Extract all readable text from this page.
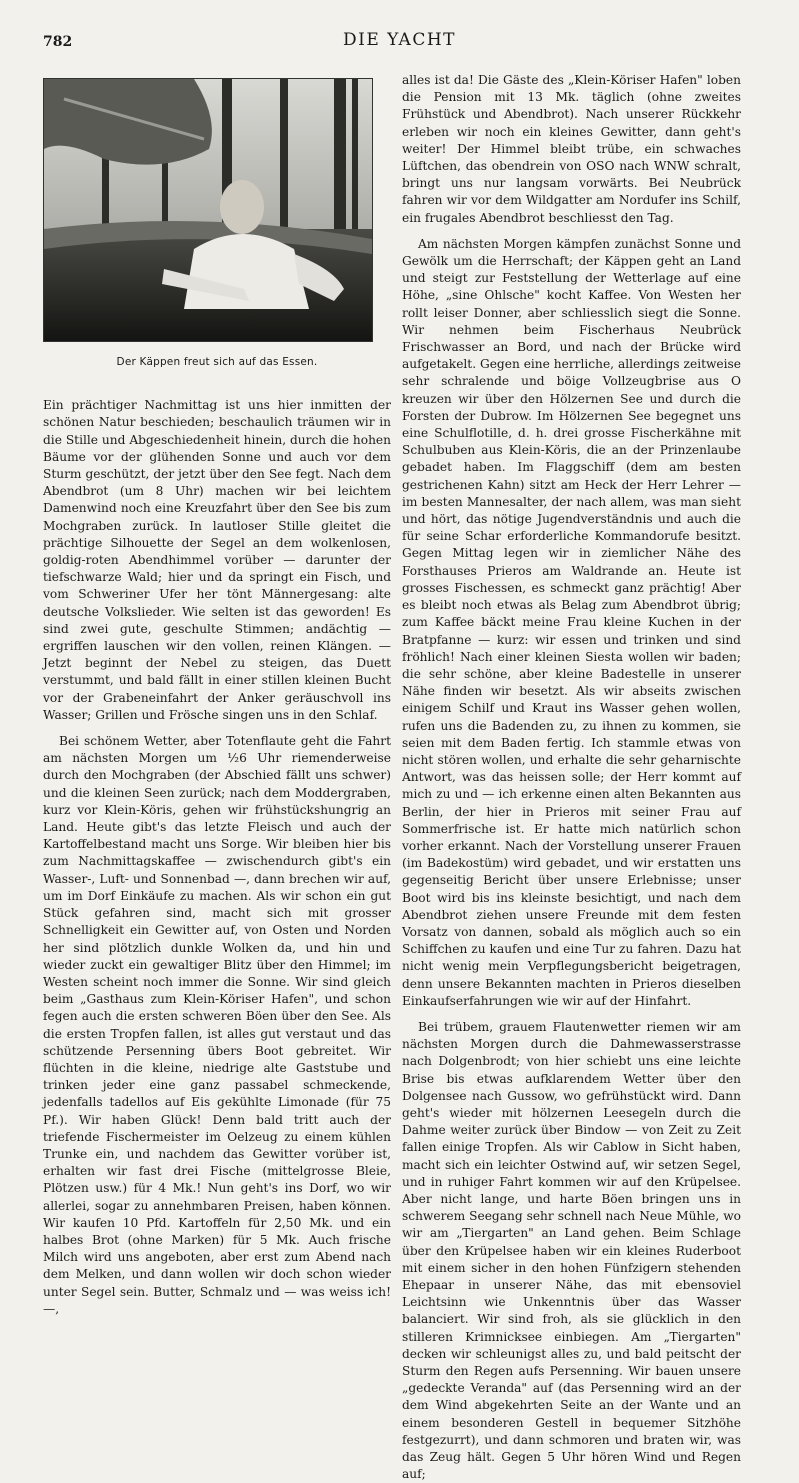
782	DIE YACHT
Der Käppen freut sich auf das Essen.

Ein prächtiger Nachmittag ist uns hier inmitten der schönen Natur beschieden; beschaulich träumen wir in die Stille und Abgeschiedenheit hinein, durch die hohen Bäume vor der glühenden Sonne und auch vor dem Sturm geschützt, der jetzt über den See fegt. Nach dem Abendbrot (um 8 Uhr) machen wir bei leichtem Damenwind noch eine Kreuzfahrt über den See bis zum Mochgraben zurück. In lautloser Stille gleitet die prächtige Silhouette der Segel an dem wolkenlosen, goldig-roten Abendhimmel vorüber — darunter der tiefschwarze Wald; hier und da springt ein Fisch, und vom Schweriner Ufer her tönt Männergesang: alte deutsche Volkslieder. Wie selten ist das geworden! Es sind zwei gute, geschulte Stimmen; andächtig — ergriffen lauschen wir den vollen, reinen Klängen. — Jetzt beginnt der Nebel zu steigen, das Duett verstummt, und bald fällt in einer stillen kleinen Bucht vor der Grabeneinfahrt der Anker geräuschvoll ins Wasser; Grillen und Frösche singen uns in den Schlaf.

Bei schönem Wetter, aber Totenflaute geht die Fahrt am nächsten Morgen um ½6 Uhr riemenderweise durch den Mochgraben (der Abschied fällt uns schwer) und die kleinen Seen zurück; nach dem Moddergraben, kurz vor Klein-Köris, gehen wir frühstückshungrig an Land. Heute gibt's das letzte Fleisch und auch der Kartoffelbestand macht uns Sorge. Wir bleiben hier bis zum Nachmittagskaffee — zwischendurch gibt's ein Wasser-, Luft- und Sonnenbad —, dann brechen wir auf, um im Dorf Einkäufe zu machen. Als wir schon ein gut Stück gefahren sind, macht sich mit grosser Schnelligkeit ein Gewitter auf, von Osten und Norden her sind plötzlich dunkle Wolken da, und hin und wieder zuckt ein gewaltiger Blitz über den Himmel; im Westen scheint noch immer die Sonne. Wir sind gleich beim „Gasthaus zum Klein-Köriser Hafen", und schon fegen auch die ersten schweren Böen über den See. Als die ersten Tropfen fallen, ist alles gut verstaut und das schützende Persenning übers Boot gebreitet. Wir flüchten in die kleine, niedrige alte Gaststube und trinken jeder eine ganz passabel schmeckende, jedenfalls tadellos auf Eis gekühlte Limonade (für 75 Pf.). Wir haben Glück! Denn bald tritt auch der triefende Fischermeister im Oelzeug zu einem kühlen Trunke ein, und nachdem das Gewitter vorüber ist, erhalten wir fast drei Fische (mittelgrosse Bleie, Plötzen usw.) für 4 Mk.! Nun geht's ins Dorf, wo wir allerlei, sogar zu annehmbaren Preisen, haben können. Wir kaufen 10 Pfd. Kartoffeln für 2,50 Mk. und ein halbes Brot (ohne Marken) für 5 Mk. Auch frische Milch wird uns angeboten, aber erst zum Abend nach dem Melken, und dann wollen wir doch schon wieder unter Segel sein. Butter, Schmalz und — was weiss ich! —,

alles ist da! Die Gäste des „Klein-Köriser Hafen" loben die Pension mit 13 Mk. täglich (ohne zweites Frühstück und Abendbrot). Nach unserer Rückkehr erleben wir noch ein kleines Gewitter, dann geht's weiter! Der Himmel bleibt trübe, ein schwaches Lüftchen, das obendrein von OSO nach WNW schralt, bringt uns nur langsam vorwärts. Bei Neubrück fahren wir vor dem Wildgatter am Nordufer ins Schilf, ein frugales Abendbrot beschliesst den Tag.

Am nächsten Morgen kämpfen zunächst Sonne und Gewölk um die Herrschaft; der Käppen geht an Land und steigt zur Feststellung der Wetterlage auf eine Höhe, „sine Ohlsche" kocht Kaffee. Von Westen her rollt leiser Donner, aber schliesslich siegt die Sonne. Wir nehmen beim Fischerhaus Neubrück Frischwasser an Bord, und nach der Brücke wird aufgetakelt. Gegen eine herrliche, allerdings zeitweise sehr schralende und böige Vollzeugbrise aus O kreuzen wir über den Hölzernen See und durch die Forsten der Dubrow. Im Hölzernen See begegnet uns eine Schulflotille, d. h. drei grosse Fischerkähne mit Schulbuben aus Klein-Köris, die an der Prinzenlaube gebadet haben. Im Flaggschiff (dem am besten gestrichenen Kahn) sitzt am Heck der Herr Lehrer — im besten Mannesalter, der nach allem, was man sieht und hört, das nötige Jugendverständnis und auch die für seine Schar erforderliche Kommandorufe besitzt. Gegen Mittag legen wir in ziemlicher Nähe des Forsthauses Prieros am Waldrande an. Heute ist grosses Fischessen, es schmeckt ganz prächtig! Aber es bleibt noch etwas als Belag zum Abendbrot übrig; zum Kaffee bäckt meine Frau kleine Kuchen in der Bratpfanne — kurz: wir essen und trinken und sind fröhlich! Nach einer kleinen Siesta wollen wir baden; die sehr schöne, aber kleine Badestelle in unserer Nähe finden wir besetzt. Als wir abseits zwischen einigem Schilf und Kraut ins Wasser gehen wollen, rufen uns die Badenden zu, zu ihnen zu kommen, sie seien mit dem Baden fertig. Ich stammle etwas von nicht stören wollen, und erhalte die sehr geharnischte Antwort, was das heissen solle; der Herr kommt auf mich zu und — ich erkenne einen alten Bekannten aus Berlin, der hier in Prieros mit seiner Frau auf Sommerfrische ist. Er hatte mich natürlich schon vorher erkannt. Nach der Vorstellung unserer Frauen (im Badekostüm) wird gebadet, und wir erstatten uns gegenseitig Bericht über unsere Erlebnisse; unser Boot wird bis ins kleinste besichtigt, und nach dem Abendbrot ziehen unsere Freunde mit dem festen Vorsatz von dannen, sobald als möglich auch so ein Schiffchen zu kaufen und eine Tur zu fahren. Dazu hat nicht wenig mein Verpflegungsbericht beigetragen, denn unsere Bekannten machten in Prieros dieselben Einkaufserfahrungen wie wir auf der Hinfahrt.

Bei trübem, grauem Flautenwetter riemen wir am nächsten Morgen durch die Dahmewasserstrasse nach Dolgenbrodt; von hier schiebt uns eine leichte Brise bis etwas aufklarendem Wetter über den Dolgensee nach Gussow, wo gefrühstückt wird. Dann geht's wieder mit hölzernen Leesegeln durch die Dahme weiter zurück über Bindow — von Zeit zu Zeit fallen einige Tropfen. Als wir Cablow in Sicht haben, macht sich ein leichter Ostwind auf, wir setzen Segel, und in ruhiger Fahrt kommen wir auf den Krüpelsee. Aber nicht lange, und harte Böen bringen uns in schwerem Seegang sehr schnell nach Neue Mühle, wo wir am „Tiergarten" an Land gehen. Beim Schlage über den Krüpelsee haben wir ein kleines Ruderboot mit einem sicher in den hohen Fünfzigern stehenden Ehepaar in unserer Nähe, das mit ebensoviel Leichtsinn wie Unkenntnis über das Wasser balanciert. Wir sind froh, als sie glücklich in den stilleren Krimnicksee einbiegen. Am „Tiergarten" decken wir schleunigst alles zu, und bald peitscht der Sturm den Regen aufs Persenning. Wir bauen unsere „gedeckte Veranda" auf (das Persenning wird an der dem Wind abgekehrten Seite an der Wante und an einem besonderen Gestell in bequemer Sitzhöhe festgezurrt), und dann schmoren und braten wir, was das Zeug hält. Gegen 5 Uhr hören Wind und Regen auf;
